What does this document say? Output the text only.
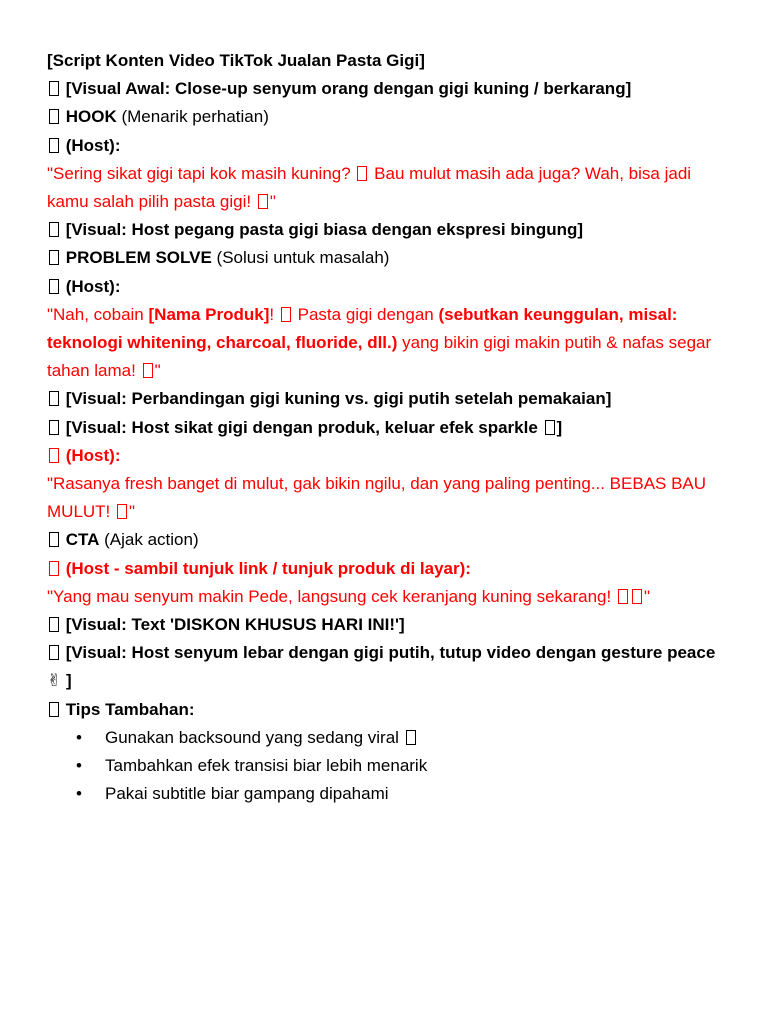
[Script Konten Video TikTok Jualan Pasta Gigi]

[Visual Awal: Close-up senyum orang dengan gigi kuning / berkarang]

HOOK (Menarik perhatian)

(Host):

"Sering sikat gigi tapi kok masih kuning? Bau mulut masih ada juga? Wah, bisa jadi kamu salah pilih pasta gigi! "

[Visual: Host pegang pasta gigi biasa dengan ekspresi bingung]

PROBLEM SOLVE (Solusi untuk masalah)

(Host):

"Nah, cobain [Nama Produk]! Pasta gigi dengan (sebutkan keunggulan, misal: teknologi whitening, charcoal, fluoride, dll.) yang bikin gigi makin putih & nafas segar tahan lama! "

[Visual: Perbandingan gigi kuning vs. gigi putih setelah pemakaian]

[Visual: Host sikat gigi dengan produk, keluar efek sparkle ]

(Host):

"Rasanya fresh banget di mulut, gak bikin ngilu, dan yang paling penting... BEBAS BAU MULUT! "

CTA (Ajak action)

(Host - sambil tunjuk link / tunjuk produk di layar):

"Yang mau senyum makin Pede, langsung cek keranjang kuning sekarang! "

[Visual: Text 'DISKON KHUSUS HARI INI!']

[Visual: Host senyum lebar dengan gigi putih, tutup video dengan gesture peace ✌ ]

Tips Tambahan:

• Gunakan backsound yang sedang viral
• Tambahkan efek transisi biar lebih menarik
• Pakai subtitle biar gampang dipahami
